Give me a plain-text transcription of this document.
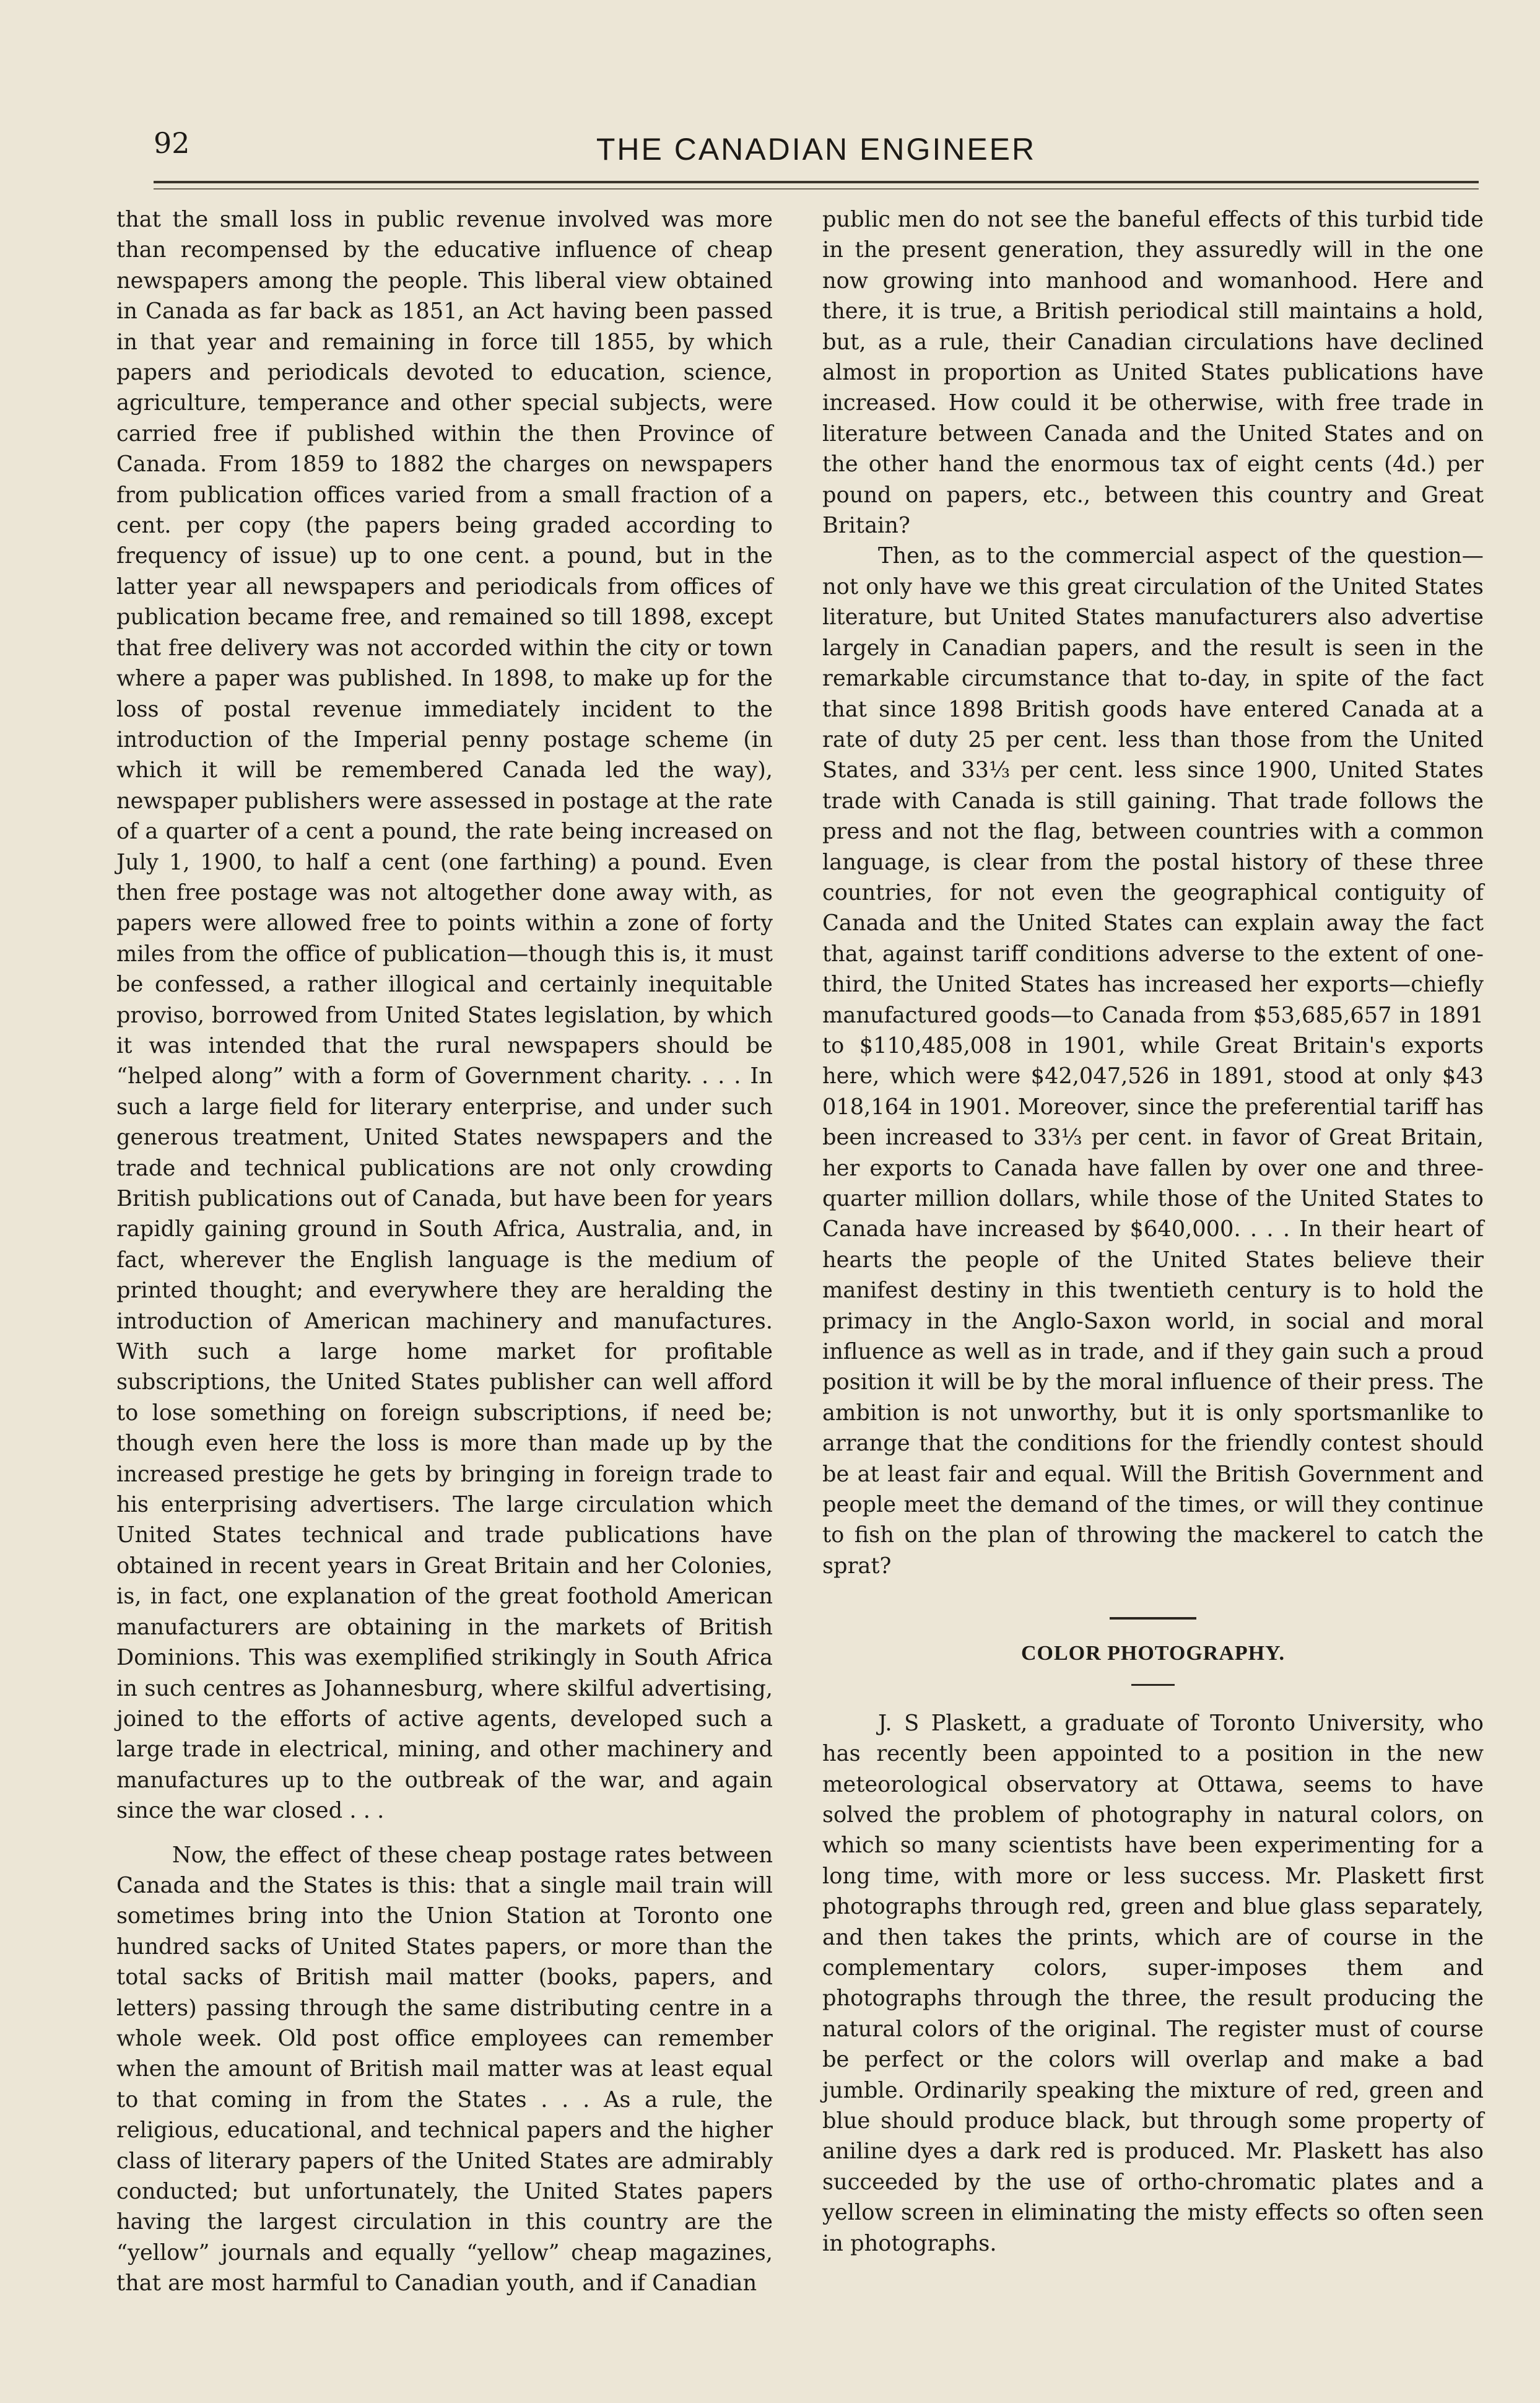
92	THE CANADIAN ENGINEER

that the small loss in public revenue involved was more than recompensed by the educative influence of cheap newspapers among the people. This liberal view obtained in Canada as far back as 1851, an Act having been passed in that year and remaining in force till 1855, by which papers and periodicals devoted to education, science, agriculture, temperance and other special subjects, were carried free if published within the then Province of Canada. From 1859 to 1882 the charges on newspapers from publication offices varied from a small fraction of a cent. per copy (the papers being graded according to frequency of issue) up to one cent. a pound, but in the latter year all newspapers and periodicals from offices of publication became free, and remained so till 1898, except that free delivery was not accorded within the city or town where a paper was published. In 1898, to make up for the loss of postal revenue immediately incident to the introduction of the Imperial penny postage scheme (in which it will be remembered Canada led the way), newspaper publishers were assessed in postage at the rate of a quarter of a cent a pound, the rate being increased on July 1, 1900, to half a cent (one farthing) a pound. Even then free postage was not altogether done away with, as papers were allowed free to points within a zone of forty miles from the office of publication—though this is, it must be confessed, a rather illogical and certainly inequitable proviso, borrowed from United States legislation, by which it was intended that the rural newspapers should be “helped along” with a form of Government charity. . . . In such a large field for literary enterprise, and under such generous treatment, United States newspapers and the trade and technical publications are not only crowding British publications out of Canada, but have been for years rapidly gaining ground in South Africa, Australia, and, in fact, wherever the English language is the medium of printed thought; and everywhere they are heralding the introduction of American machinery and manufactures. With such a large home market for profitable subscriptions, the United States publisher can well afford to lose something on foreign subscriptions, if need be; though even here the loss is more than made up by the increased prestige he gets by bringing in foreign trade to his enterprising advertisers. The large circulation which United States technical and trade publications have obtained in recent years in Great Britain and her Colonies, is, in fact, one explanation of the great foothold American manufacturers are obtaining in the markets of British Dominions. This was exemplified strikingly in South Africa in such centres as Johannesburg, where skilful advertising, joined to the efforts of active agents, developed such a large trade in electrical, mining, and other machinery and manufactures up to the outbreak of the war, and again since the war closed . . .

Now, the effect of these cheap postage rates between Canada and the States is this: that a single mail train will sometimes bring into the Union Station at Toronto one hundred sacks of United States papers, or more than the total sacks of British mail matter (books, papers, and letters) passing through the same distributing centre in a whole week. Old post office employees can remember when the amount of British mail matter was at least equal to that coming in from the States . . . As a rule, the religious, educational, and technical papers and the higher class of literary papers of the United States are admirably conducted; but unfortunately, the United States papers having the largest circulation in this country are the “yellow” journals and equally “yellow” cheap magazines, that are most harmful to Canadian youth, and if Canadian

public men do not see the baneful effects of this turbid tide in the present generation, they assuredly will in the one now growing into manhood and womanhood. Here and there, it is true, a British periodical still maintains a hold, but, as a rule, their Canadian circulations have declined almost in proportion as United States publications have increased. How could it be otherwise, with free trade in literature between Canada and the United States and on the other hand the enormous tax of eight cents (4d.) per pound on papers, etc., between this country and Great Britain?

Then, as to the commercial aspect of the question—not only have we this great circulation of the United States literature, but United States manufacturers also advertise largely in Canadian papers, and the result is seen in the remarkable circumstance that to-day, in spite of the fact that since 1898 British goods have entered Canada at a rate of duty 25 per cent. less than those from the United States, and 33⅓ per cent. less since 1900, United States trade with Canada is still gaining. That trade follows the press and not the flag, between countries with a common language, is clear from the postal history of these three countries, for not even the geographical contiguity of Canada and the United States can explain away the fact that, against tariff conditions adverse to the extent of one-third, the United States has increased her exports—chiefly manufactured goods—to Canada from $53,685,657 in 1891 to $110,485,008 in 1901, while Great Britain's exports here, which were $42,047,526 in 1891, stood at only $43 018,164 in 1901. Moreover, since the preferential tariff has been increased to 33⅓ per cent. in favor of Great Britain, her exports to Canada have fallen by over one and three-quarter million dollars, while those of the United States to Canada have increased by $640,000. . . . In their heart of hearts the people of the United States believe their manifest destiny in this twentieth century is to hold the primacy in the Anglo-Saxon world, in social and moral influence as well as in trade, and if they gain such a proud position it will be by the moral influence of their press. The ambition is not unworthy, but it is only sportsmanlike to arrange that the conditions for the friendly contest should be at least fair and equal. Will the British Government and people meet the demand of the times, or will they continue to fish on the plan of throwing the mackerel to catch the sprat?

COLOR PHOTOGRAPHY.

J. S Plaskett, a graduate of Toronto University, who has recently been appointed to a position in the new meteorological observatory at Ottawa, seems to have solved the problem of photography in natural colors, on which so many scientists have been experimenting for a long time, with more or less success. Mr. Plaskett first photographs through red, green and blue glass separately, and then takes the prints, which are of course in the complementary colors, super-imposes them and photographs through the three, the result producing the natural colors of the original. The register must of course be perfect or the colors will overlap and make a bad jumble. Ordinarily speaking the mixture of red, green and blue should produce black, but through some property of aniline dyes a dark red is produced. Mr. Plaskett has also succeeded by the use of ortho-chromatic plates and a yellow screen in eliminating the misty effects so often seen in photographs.
